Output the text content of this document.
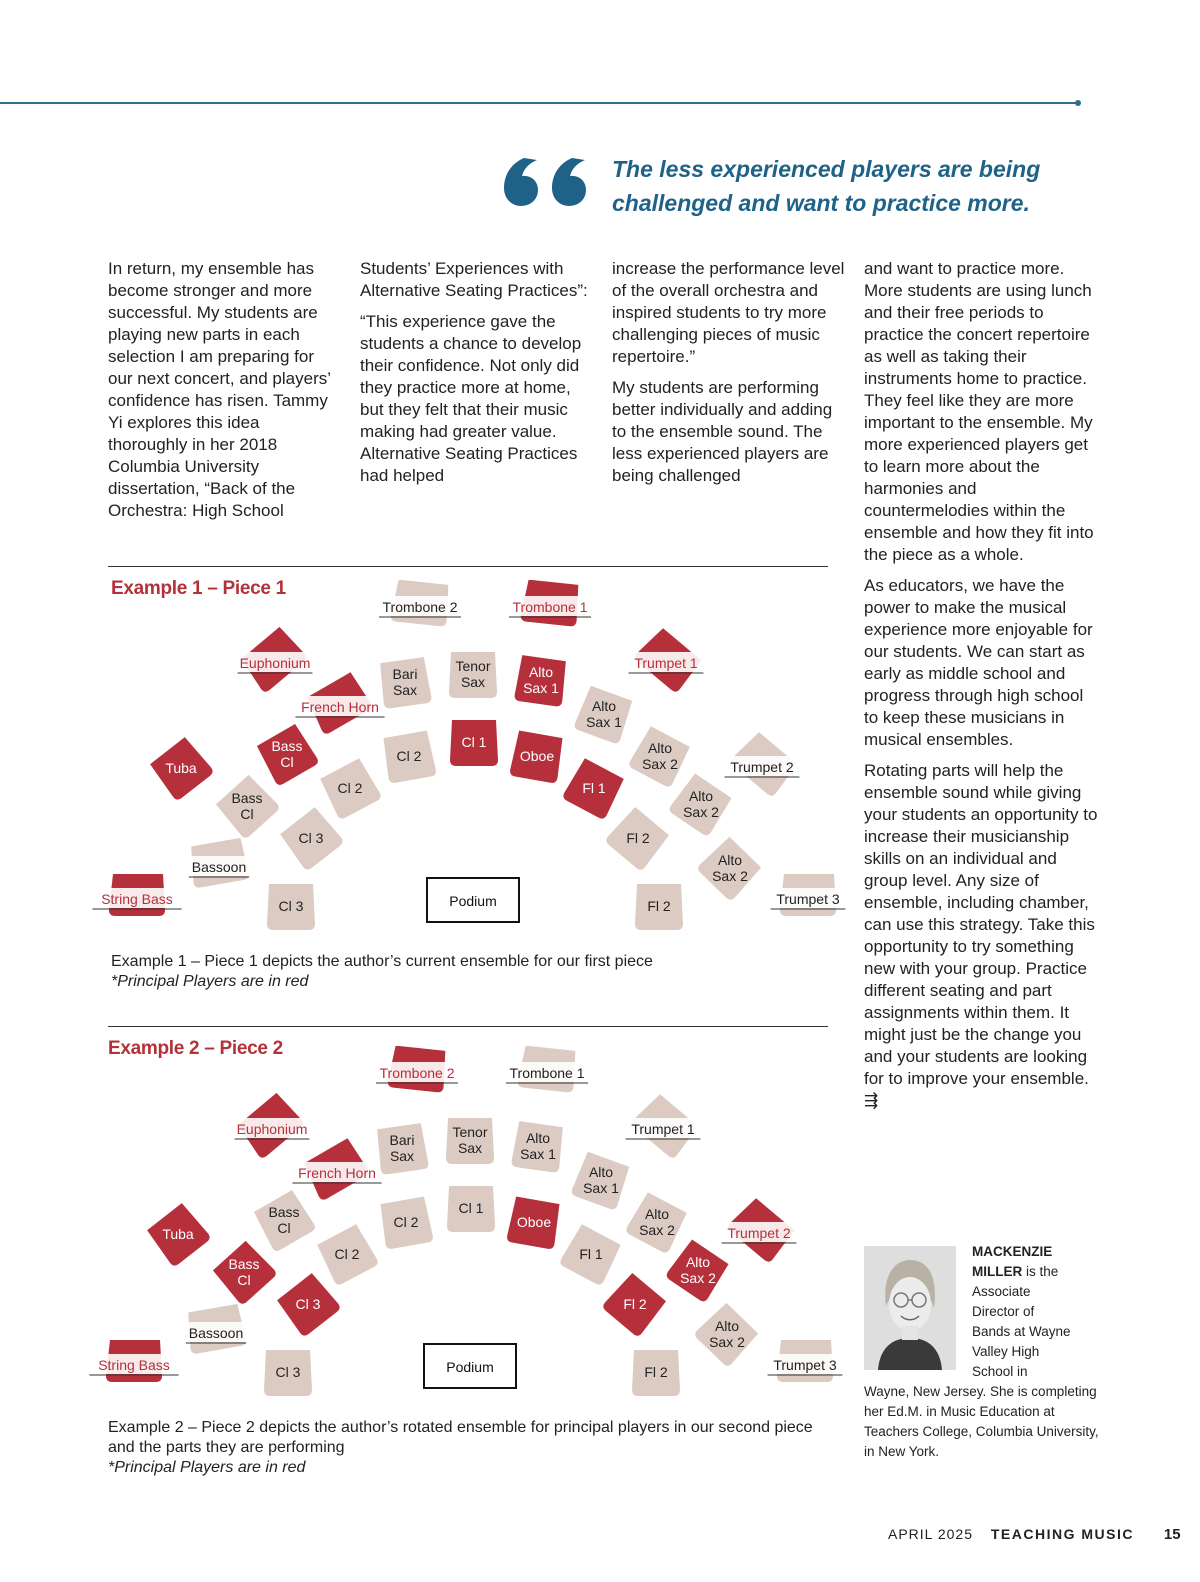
The less experienced players are being challenged and want to practice more.

In return, my ensemble has become stronger and more successful. My students are playing new parts in each selection I am preparing for our next concert, and players’ confidence has risen. Tammy Yi explores this idea thoroughly in her 2018 Columbia University dissertation, “Back of the Orchestra: High School

Students’ Experiences with Alternative Seating Practices”:

“This experience gave the students a chance to develop their confidence. Not only did they practice more at home, but they felt that their music making had greater value. Alternative Seating Practices had helped

increase the performance level of the overall orchestra and inspired students to try more challenging pieces of music repertoire.”

My students are performing better individually and adding to the ensemble sound. The less experienced players are being challenged

and want to practice more. More students are using lunch and their free periods to practice the concert repertoire as well as taking their instruments home to practice. They feel like they are more important to the ensemble. My more experienced players get to learn more about the harmonies and countermelodies within the ensemble and how they fit into the piece as a whole.

As educators, we have the power to make the musical experience more enjoyable for our students. We can start as early as middle school and progress through high school to keep these musicians in musical ensembles.

Rotating parts will help the ensemble sound while giving your students an opportunity to increase their musicianship skills on an individual and group level. Any size of ensemble, including chamber, can use this strategy. Take this opportunity to try something new with your group. Practice different seating and part assignments within them. It might just be the change you and your students are looking for to improve your ensemble. ⇶

Example 1 – Piece 1
Trombone 2	Trombone 1
Euphonium
French Horn
Bari Sax
Tenor Sax
Alto Sax 1
Alto Sax 1
Trumpet 1
Alto Sax 2	Trumpet 2
Alto Sax 2
Alto Sax 2
Trumpet 3
Bass Cl
Tuba
Bass Cl
Cl 2
Cl 1
Oboe
Cl 2	Fl 1
Cl 3	Fl 2
Bassoon
String Bass	Cl 3	Fl 2
Podium
Example 1 – Piece 1 depicts the author’s current ensemble for our first piece
*Principal Players are in red
Example 2 – Piece 2
Trombone 2	Trombone 1
Euphonium
French Horn
Bari Sax
Tenor Sax
Alto Sax 1
Alto Sax 1
Trumpet 1
Alto Sax 2	Trumpet 2
Alto Sax 2
Alto Sax 2
Trumpet 3
Bass Cl
Tuba
Bass Cl
Cl 2
Cl 1
Oboe
Cl 2	Fl 1
Cl 3	Fl 2
Bassoon
String Bass	Cl 3	Fl 2
Podium
Example 2 – Piece 2 depicts the author’s rotated ensemble for principal players in our second piece and the parts they are performing
*Principal Players are in red
MACKENZIE
MILLER is the
Associate
Director of
Bands at Wayne
Valley High
School in
Wayne, New Jersey. She is completing her Ed.M. in Music Education at Teachers College, Columbia University, in New York.
APRIL 2025 TEACHING MUSIC 15
